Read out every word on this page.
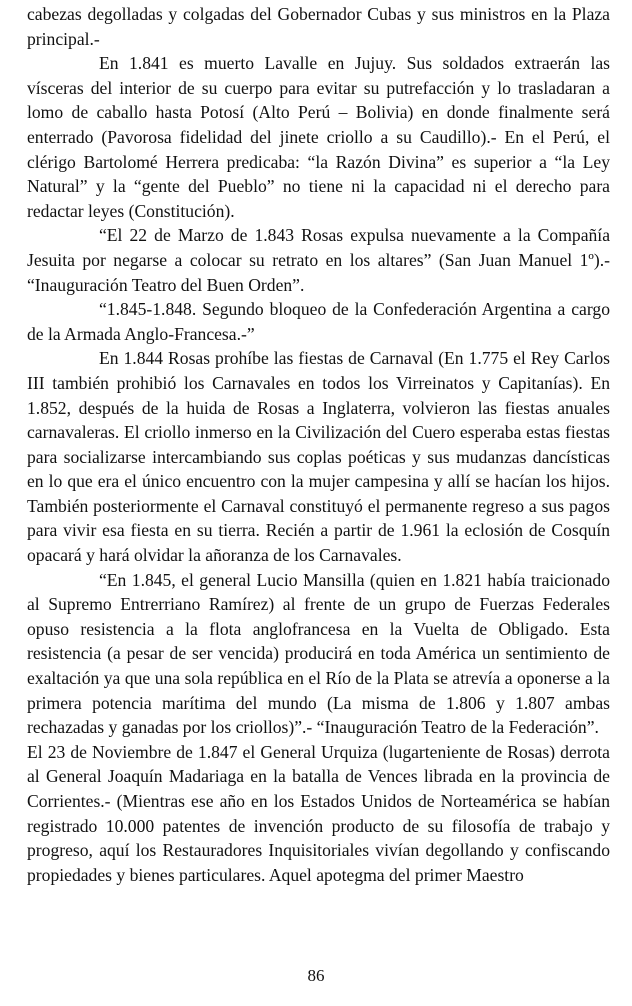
cabezas degolladas y colgadas del Gobernador Cubas y sus ministros en la Plaza principal.-

En 1.841 es muerto Lavalle en Jujuy. Sus soldados extraerán las vísceras del interior de su cuerpo para evitar su putrefacción y lo trasladaran a lomo de caballo hasta Potosí (Alto Perú – Bolivia) en donde finalmente será enterrado (Pavorosa fidelidad del jinete criollo a su Caudillo).- En el Perú, el clérigo Bartolomé Herrera predicaba: “la Razón Divina” es superior a “la Ley Natural” y la “gente del Pueblo” no tiene ni la capacidad ni el derecho para redactar leyes (Constitución).

“El 22 de Marzo de 1.843 Rosas expulsa nuevamente a la Compañía Jesuita por negarse a colocar su retrato en los altares” (San Juan Manuel 1º).- “Inauguración Teatro del Buen Orden”.

“1.845-1.848. Segundo bloqueo de la Confederación Argentina a cargo de la Armada Anglo-Francesa.-”

En 1.844 Rosas prohíbe las fiestas de Carnaval (En 1.775 el Rey Carlos III también prohibió los Carnavales en todos los Virreinatos y Capitanías). En 1.852, después de la huida de Rosas a Inglaterra, volvieron las fiestas anuales carnavaleras. El criollo inmerso en la Civilización del Cuero esperaba estas fiestas para socializarse intercambiando sus coplas poéticas y sus mudanzas dancísticas en lo que era el único encuentro con la mujer campesina y allí se hacían los hijos. También posteriormente el Carnaval constituyó el permanente regreso a sus pagos para vivir esa fiesta en su tierra. Recién a partir de 1.961 la eclosión de Cosquín opacará y hará olvidar la añoranza de los Carnavales.

“En 1.845, el general Lucio Mansilla (quien en 1.821 había traicionado al Supremo Entrerriano Ramírez) al frente de un grupo de Fuerzas Federales opuso resistencia a la flota anglofrancesa en la Vuelta de Obligado. Esta resistencia (a pesar de ser vencida) producirá en toda América un sentimiento de exaltación ya que una sola república en el Río de la Plata se atrevía a oponerse a la primera potencia marítima del mundo (La misma de 1.806 y 1.807 ambas rechazadas y ganadas por los criollos)”.- “Inauguración Teatro de la Federación”.

El 23 de Noviembre de 1.847 el General Urquiza (lugarteniente de Rosas) derrota al General Joaquín Madariaga en la batalla de Vences librada en la provincia de Corrientes.- (Mientras ese año en los Estados Unidos de Norteamérica se habían registrado 10.000 patentes de invención producto de su filosofía de trabajo y progreso, aquí los Restauradores Inquisitoriales vivían degollando y confiscando propiedades y bienes particulares. Aquel apotegma del primer Maestro

86
